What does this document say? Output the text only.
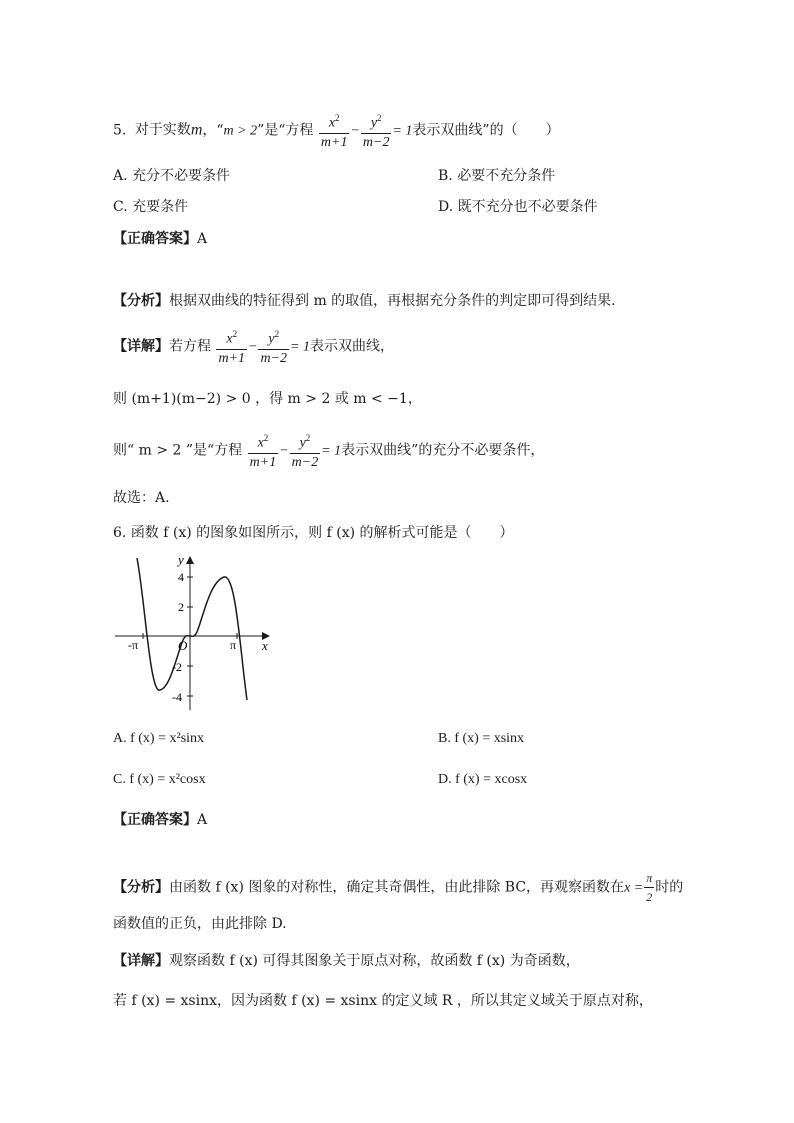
5. 对于实数m，“m > 2”是“方程 $\frac{x^2}{m+1} - \frac{y^2}{m-2} = 1$表示双曲线”的（　　）
A. 充分不必要条件	B. 必要不充分条件
C. 充要条件	D. 既不充分也不必要条件
【正确答案】A
【分析】根据双曲线的特征得到 m 的取值，再根据充分条件的判定即可得到结果.
【详解】若方程 $\frac{x^2}{m+1} - \frac{y^2}{m-2} = 1$表示双曲线，
则 (m+1)(m−2) > 0 ，得 m > 2 或 m < −1，
则“ m > 2 ”是“方程 $\frac{x^2}{m+1} - \frac{y^2}{m-2} = 1$表示双曲线”的充分不必要条件，
故选：A.
6. 函数 f (x) 的图象如图所示，则 f (x) 的解析式可能是（　　）
y
x
O
4
2
-2
-4
-π	π
A. f (x) = x²sinx	B. f (x) = xsinx
C. f (x) = x²cosx	D. f (x) = xcosx
【正确答案】A
【分析】由函数 f (x) 图象的对称性，确定其奇偶性，由此排除 BC，再观察函数在$x = \frac{\pi}{2}$ 时的
函数值的正负，由此排除 D.
【详解】观察函数 f (x) 可得其图象关于原点对称，故函数 f (x) 为奇函数，
若 f (x) = xsinx，因为函数 f (x) = xsinx 的定义域 R ，所以其定义域关于原点对称，
